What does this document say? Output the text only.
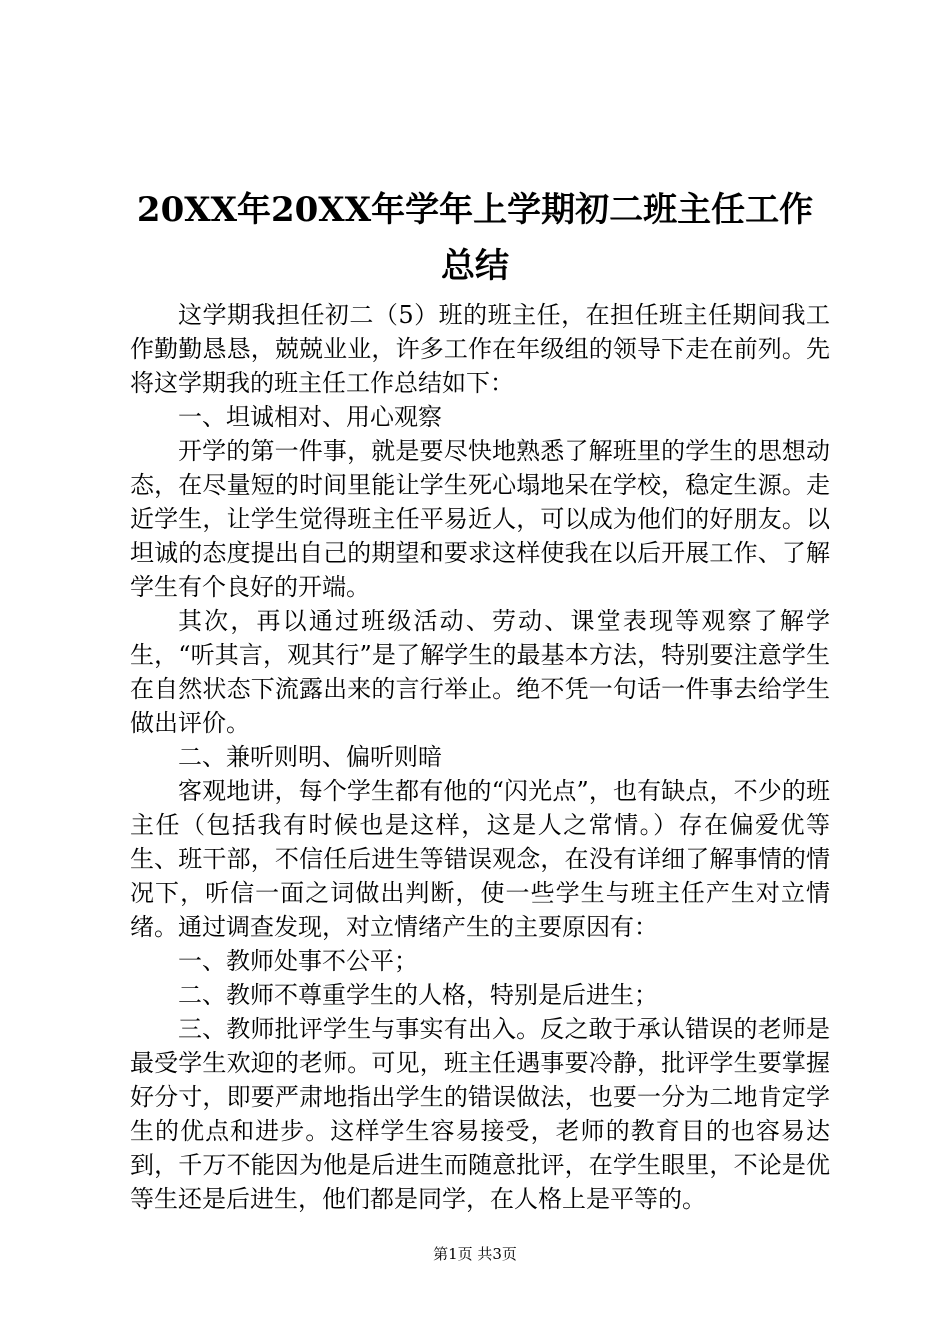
20XX年20XX年学年上学期初二班主任工作总结

这学期我担任初二（5）班的班主任，在担任班主任期间我工作勤勤恳恳，兢兢业业，许多工作在年级组的领导下走在前列。先将这学期我的班主任工作总结如下：

一、坦诚相对、用心观察

开学的第一件事，就是要尽快地熟悉了解班里的学生的思想动态，在尽量短的时间里能让学生死心塌地呆在学校，稳定生源。走近学生，让学生觉得班主任平易近人，可以成为他们的好朋友。以坦诚的态度提出自己的期望和要求这样使我在以后开展工作、了解学生有个良好的开端。

其次，再以通过班级活动、劳动、课堂表现等观察了解学生，“听其言，观其行”是了解学生的最基本方法，特别要注意学生在自然状态下流露出来的言行举止。绝不凭一句话一件事去给学生做出评价。

二、兼听则明、偏听则暗

客观地讲，每个学生都有他的“闪光点”，也有缺点，不少的班主任（包括我有时候也是这样，这是人之常情。）存在偏爱优等生、班干部，不信任后进生等错误观念，在没有详细了解事情的情况下，听信一面之词做出判断，使一些学生与班主任产生对立情绪。通过调查发现，对立情绪产生的主要原因有：

一、教师处事不公平；

二、教师不尊重学生的人格，特别是后进生；

三、教师批评学生与事实有出入。反之敢于承认错误的老师是最受学生欢迎的老师。可见，班主任遇事要冷静，批评学生要掌握好分寸，即要严肃地指出学生的错误做法，也要一分为二地肯定学生的优点和进步。这样学生容易接受，老师的教育目的也容易达到，千万不能因为他是后进生而随意批评，在学生眼里，不论是优等生还是后进生，他们都是同学，在人格上是平等的。

第1页 共3页
